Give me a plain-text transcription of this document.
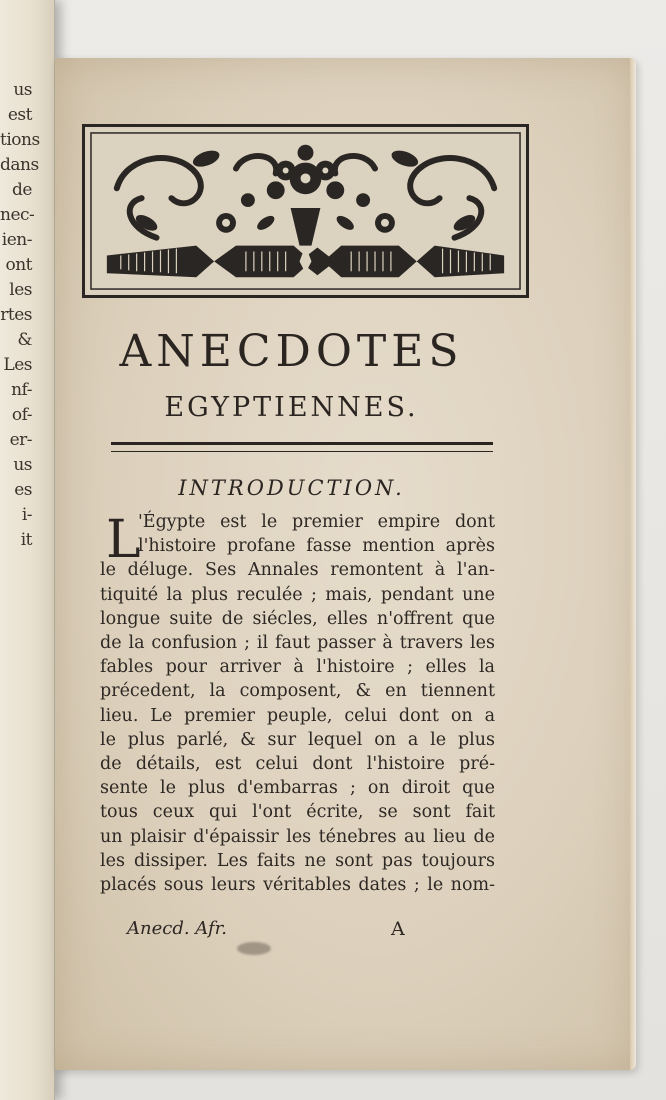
us est
tions
dans
de
nec-
ien-
ont
les
rtes
&
Les
nf-
of-
er-
us
es
i-
it
ANECDOTES
EGYPTIENNES.
INTRODUCTION.
L
'Égypte est le premier empire dont
l'histoire profane fasse mention après
le déluge. Ses Annales remontent à l'an-
tiquité la plus reculée ; mais, pendant une
longue suite de siécles, elles n'offrent que
de la confusion ; il faut passer à travers les
fables pour arriver à l'histoire ; elles la
précedent, la composent, & en tiennent
lieu. Le premier peuple, celui dont on a
le plus parlé, & sur lequel on a le plus
de détails, est celui dont l'histoire pré-
sente le plus d'embarras ; on diroit que
tous ceux qui l'ont écrite, se sont fait
un plaisir d'épaissir les ténebres au lieu de
les dissiper. Les faits ne sont pas toujours
placés sous leurs véritables dates ; le nom-
Anecd. Afr.	A
